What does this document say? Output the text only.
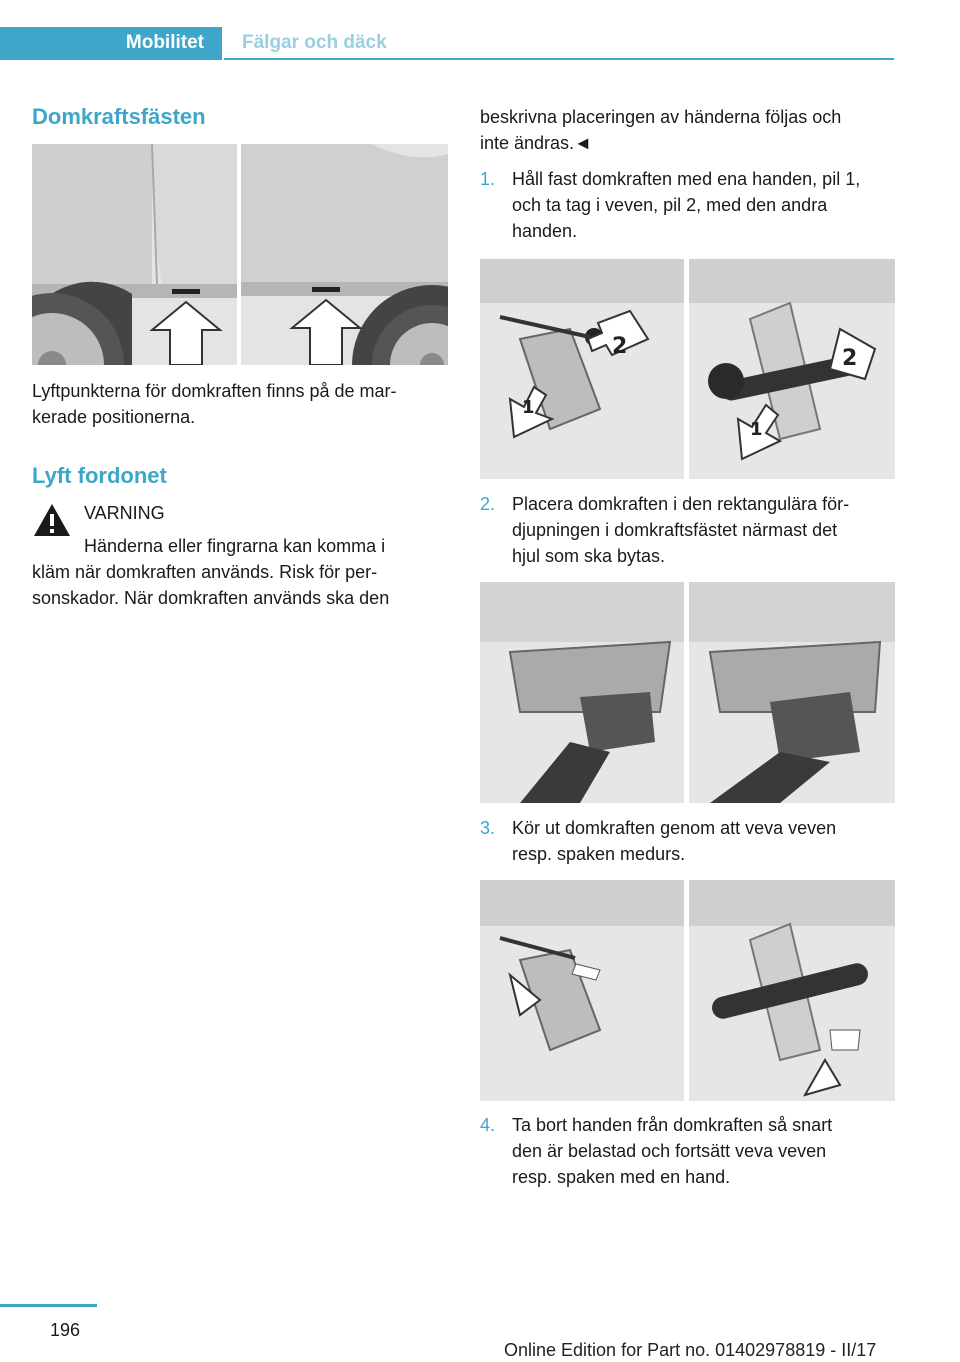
Mobilitet Fälgar och däck
Domkraftsfästen

Lyftpunkterna för domkraften finns på de mar-

kerade positionerna.

Lyft fordonet

VARNING

Händerna eller fingrarna kan komma i

kläm när domkraften används. Risk för per-

sonskador. När domkraften används ska den

beskrivna placeringen av händerna följas och

inte ändras.◄

1. Håll fast domkraften med ena handen, pil 1,
och ta tag i veven, pil 2, med den andra
handen.
2
1
2
1
2. Placera domkraften i den rektangulära för-
djupningen i domkraftsfästet närmast det
hjul som ska bytas.
3. Kör ut domkraften genom att veva veven
resp. spaken medurs.
4. Ta bort handen från domkraften så snart
den är belastad och fortsätt veva veven
resp. spaken med en hand.
196
Online Edition for Part no. 01402978819 - II/17
